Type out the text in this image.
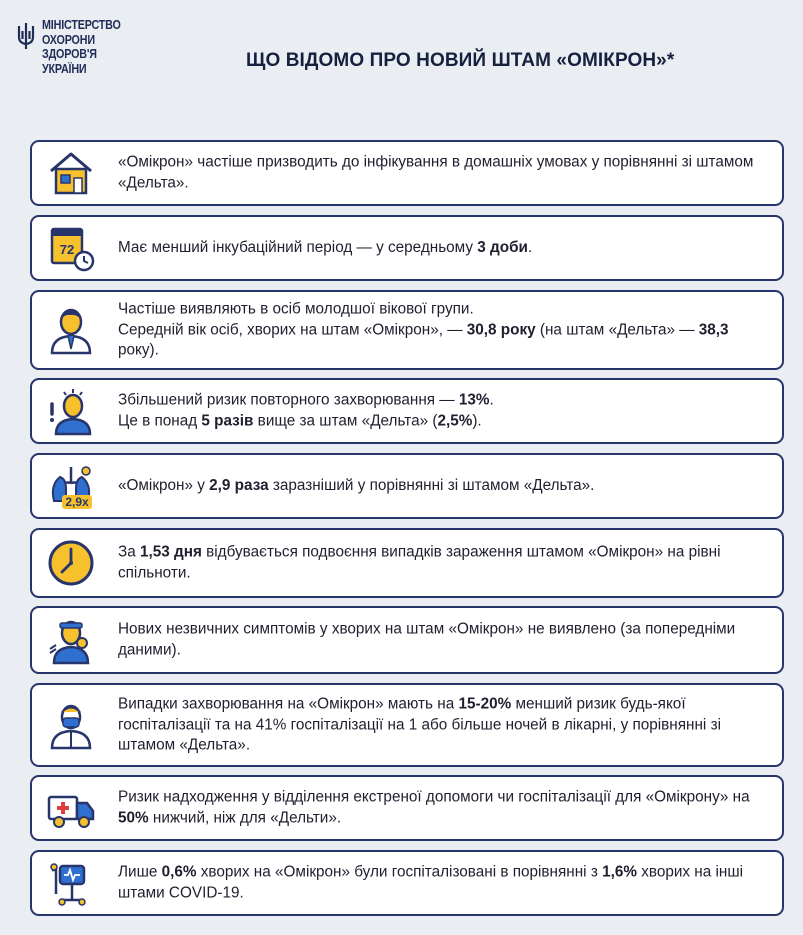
МІНІСТЕРСТВО
ОХОРОНИ
ЗДОРОВ'Я
УКРАЇНИ	ЩО ВІДОМО ПРО НОВИЙ ШТАМ «ОМІКРОН»*
«Омікрон» частіше призводить до інфікування в домашніх умовах у порівнянні зі штамом «Дельта».
72	Має менший інкубаційний період — у середньому 3 доби.
Частіше виявляють в осіб молодшої вікової групи.
Середній вік осіб, хворих на штам «Омікрон», — 30,8 року (на штам «Дельта» — 38,3 року).
Збільшений ризик повторного захворювання — 13%.
Це в понад 5 разів вище за штам «Дельта» (2,5%).
2,9x
«Омікрон» у 2,9 раза заразніший у порівнянні зі штамом «Дельта».
За 1,53 дня відбувається подвоєння випадків зараження штамом «Омікрон» на рівні спільноти.
Нових незвичних симптомів у хворих на штам «Омікрон» не виявлено (за попередніми даними).
Випадки захворювання на «Омікрон» мають на 15-20% менший ризик будь-якої госпіталізації та на 41% госпіталізації на 1 або більше ночей в лікарні, у порівнянні зі штамом «Дельта».
Ризик надходження у відділення екстреної допомоги чи госпіталізації для «Омікрону» на 50% нижчий, ніж для «Дельти».
Лише 0,6% хворих на «Омікрон» були госпіталізовані в порівнянні з 1,6% хворих на інші штами COVID-19.
